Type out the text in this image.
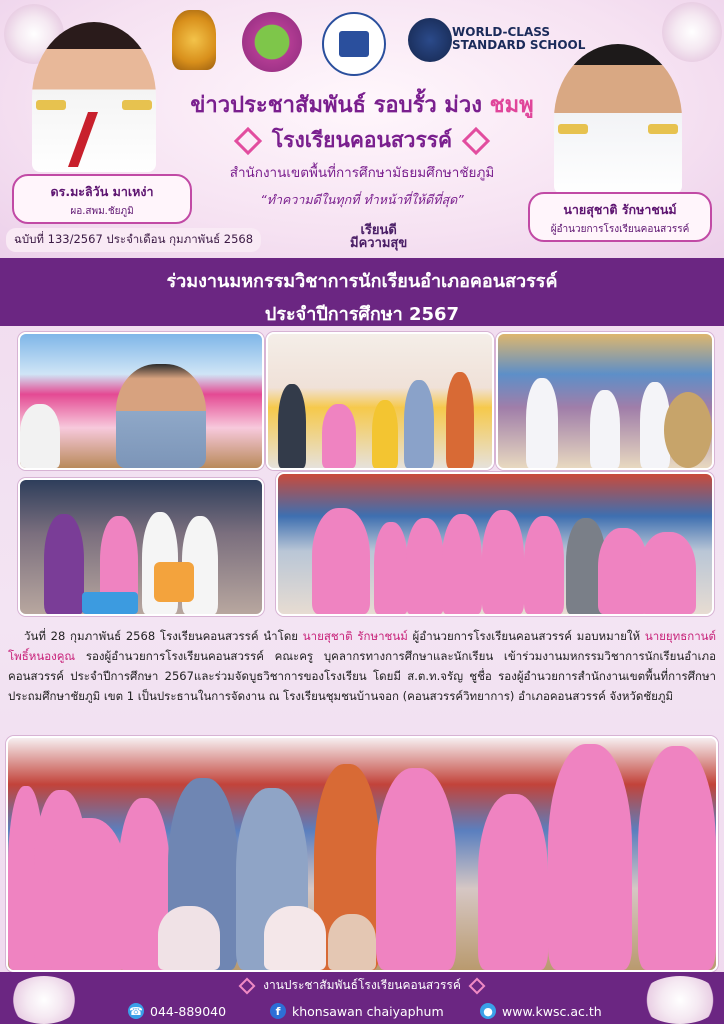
ดร.มะลิวัน มาเหง่า
ผอ.สพม.ชัยภูมิ
WORLD-CLASS
STANDARD SCHOOL
ข่าวประชาสัมพันธ์ รอบรั้ว ม่วง ชมพู
โรงเรียนคอนสวรรค์
สำนักงานเขตพื้นที่การศึกษามัธยมศึกษาชัยภูมิ
“ทำความดีในทุกที่ ทำหน้าที่ให้ดีที่สุด”
นายสุชาติ รักษาชนม์
ผู้อำนวยการโรงเรียนคอนสวรรค์
ฉบับที่ 133/2567 ประจำเดือน กุมภาพันธ์ 2568
เรียนดี
มีความสุข
ร่วมงานมหกรรมวิชาการนักเรียนอำเภอคอนสวรรค์
ประจำปีการศึกษา 2567
วันที่ 28 กุมภาพันธ์ 2568 โรงเรียนคอนสวรรค์ นำโดย นายสุชาติ รักษาชนม์ ผู้อำนวยการโรงเรียนคอนสวรรค์ มอบหมายให้ นายยุทธกานต์ โพธิ์หนองคูณ รองผู้อำนวยการโรงเรียนคอนสวรรค์ คณะครู บุคลากรทางการศึกษาและนักเรียน เข้าร่วมงานมหกรรมวิชาการนักเรียนอำเภอคอนสวรรค์ ประจำปีการศึกษา 2567และร่วมจัดบูธวิชาการของโรงเรียน โดยมี ส.ต.ท.จรัญ ชูชื่อ รองผู้อำนวยการสำนักงานเขตพื้นที่การศึกษาประถมศึกษาชัยภูมิ เขต 1 เป็นประธานในการจัดงาน ณ โรงเรียนชุมชนบ้านจอก (คอนสวรรค์วิทยาการ) อำเภอคอนสวรรค์ จังหวัดชัยภูมิ
งานประชาสัมพันธ์โรงเรียนคอนสวรรค์
☎ 044-889040	f khonsawan chaiyaphum	● www.kwsc.ac.th
